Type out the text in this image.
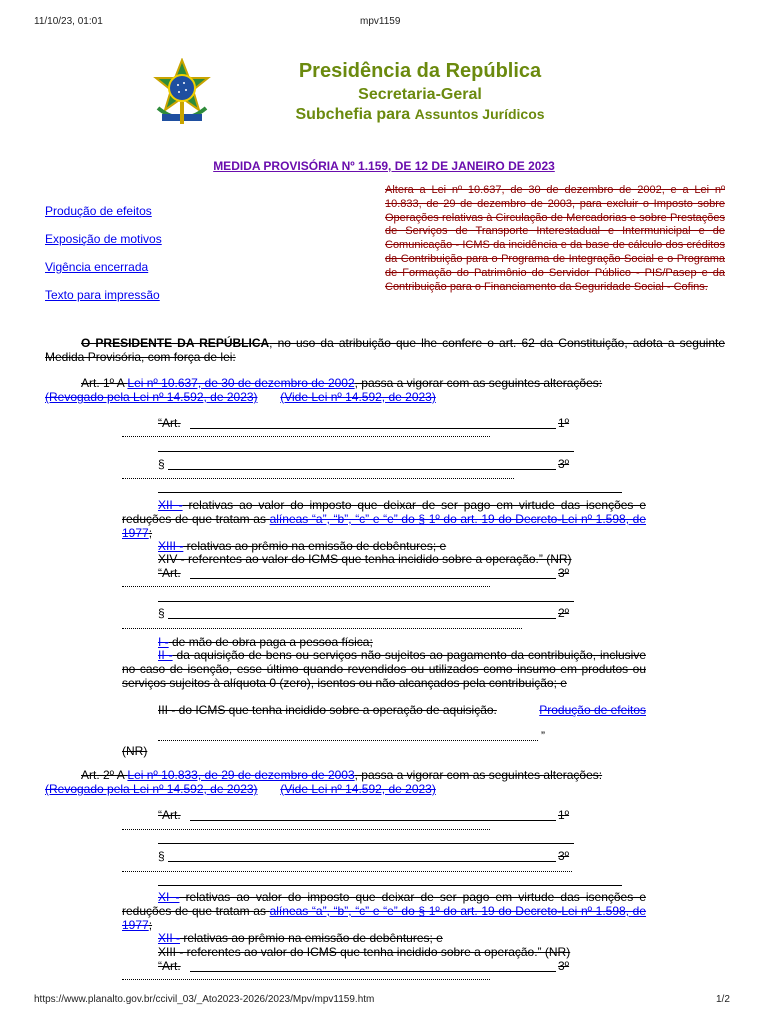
11/10/23, 01:01	mpv1159
https://www.planalto.gov.br/ccivil_03/_Ato2023-2026/2023/Mpv/mpv1159.htm	1/2
Presidência da República
Secretaria-Geral
Subchefia para Assuntos Jurídicos
MEDIDA PROVISÓRIA Nº 1.159, DE 12 DE JANEIRO DE 2023
Produção de efeitos
Exposição de motivos
Vigência encerrada
Texto para impressão
Altera a Lei nº 10.637, de 30 de dezembro de 2002, e a Lei nº 10.833, de 29 de dezembro de 2003, para excluir o Imposto sobre Operações relativas à Circulação de Mercadorias e sobre Prestações de Serviços de Transporte Interestadual e Intermunicipal e de Comunicação - ICMS da incidência e da base de cálculo dos créditos da Contribuição para o Programa de Integração Social e o Programa de Formação do Patrimônio do Servidor Público - PIS/Pasep e da Contribuição para o Financiamento da Seguridade Social - Cofins.
O PRESIDENTE DA REPÚBLICA, no uso da atribuição que lhe confere o art. 62 da Constituição, adota a seguinte Medida Provisória, com força de lei:
Art. 1º A Lei nº 10.637, de 30 de dezembro de 2002, passa a vigorar com as seguintes alterações:
(Revogado pela Lei nº 14.592, de 2023) (Vide Lei nº 14.592, de 2023)
“Art.	1º
§	3º
XII - relativas ao valor do imposto que deixar de ser pago em virtude das isenções e reduções de que tratam as alíneas “a”, “b”, “c” e “e” do § 1º do art. 19 do Decreto-Lei nº 1.598, de 1977;
XIII - relativas ao prêmio na emissão de debêntures; e
XIV - referentes ao valor do ICMS que tenha incidido sobre a operação.” (NR)
“Art.	3º
§	2º
I - de mão de obra paga a pessoa física;
II - da aquisição de bens ou serviços não sujeitos ao pagamento da contribuição, inclusive no caso de isenção, esse último quando revendidos ou utilizados como insumo em produtos ou serviços sujeitos à alíquota 0 (zero), isentos ou não alcançados pela contribuição; e
III - do ICMS que tenha incidido sobre a operação de aquisição.	Produção de efeitos
”
(NR)
Art. 2º A Lei nº 10.833, de 29 de dezembro de 2003, passa a vigorar com as seguintes alterações:
(Revogado pela Lei nº 14.592, de 2023) (Vide Lei nº 14.592, de 2023)
“Art.	1º
§	3º
XI - relativas ao valor do imposto que deixar de ser pago em virtude das isenções e reduções de que tratam as alíneas “a”, “b”, “c” e “e” do § 1º do art. 19 do Decreto-Lei nº 1.598, de 1977;
XII - relativas ao prêmio na emissão de debêntures; e
XIII - referentes ao valor do ICMS que tenha incidido sobre a operação.” (NR)
“Art.	3º
